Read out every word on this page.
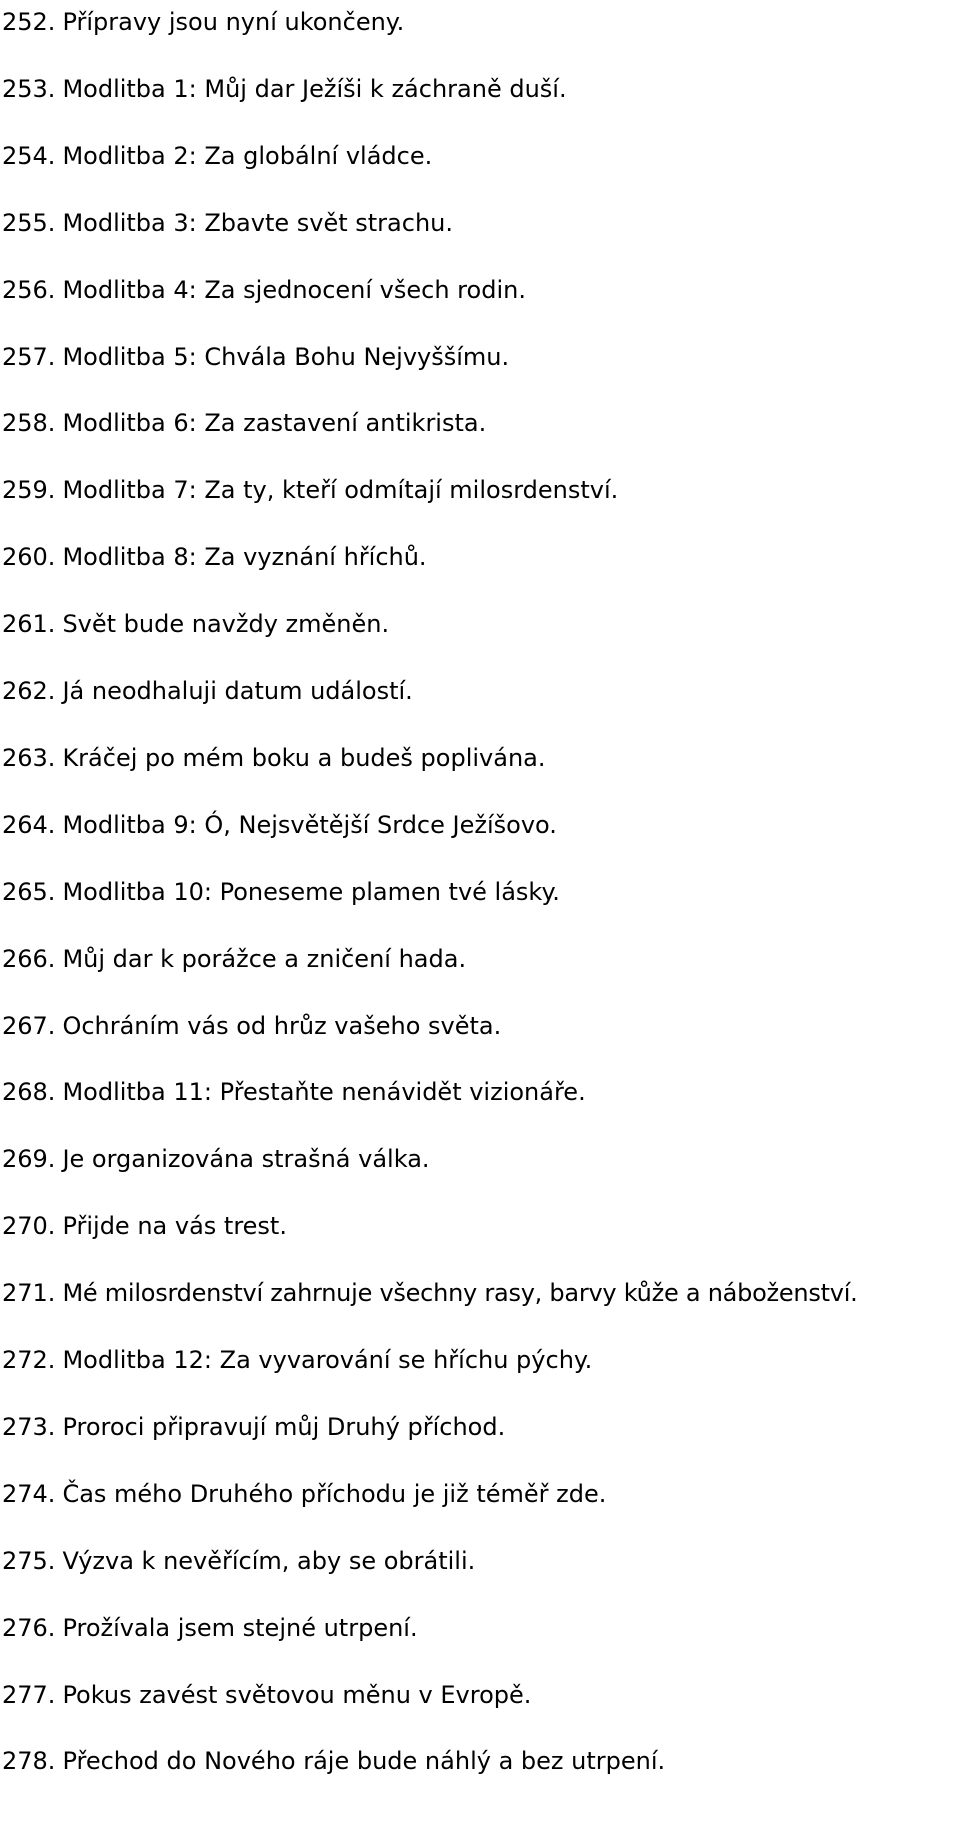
252. Přípravy jsou nyní ukončeny.
253. Modlitba 1: Můj dar Ježíši k záchraně duší.
254. Modlitba 2: Za globální vládce.
255. Modlitba 3: Zbavte svět strachu.
256. Modlitba 4: Za sjednocení všech rodin.
257. Modlitba 5: Chvála Bohu Nejvyššímu.
258. Modlitba 6: Za zastavení antikrista.
259. Modlitba 7: Za ty, kteří odmítají milosrdenství.
260. Modlitba 8: Za vyznání hříchů.
261. Svět bude navždy změněn.
262. Já neodhaluji datum událostí.
263. Kráčej po mém boku a budeš poplivána.
264. Modlitba 9: Ó, Nejsvětější Srdce Ježíšovo.
265. Modlitba 10: Poneseme plamen tvé lásky.
266. Můj dar k porážce a zničení hada.
267. Ochráním vás od hrůz vašeho světa.
268. Modlitba 11: Přestaňte nenávidět vizionáře.
269. Je organizována strašná válka.
270. Přijde na vás trest.
271. Mé milosrdenství zahrnuje všechny rasy, barvy kůže a náboženství.
272. Modlitba 12: Za vyvarování se hříchu pýchy.
273. Proroci připravují můj Druhý příchod.
274. Čas mého Druhého příchodu je již téměř zde.
275. Výzva k nevěřícím, aby se obrátili.
276. Prožívala jsem stejné utrpení.
277. Pokus zavést světovou měnu v Evropě.
278. Přechod do Nového ráje bude náhlý a bez utrpení.
